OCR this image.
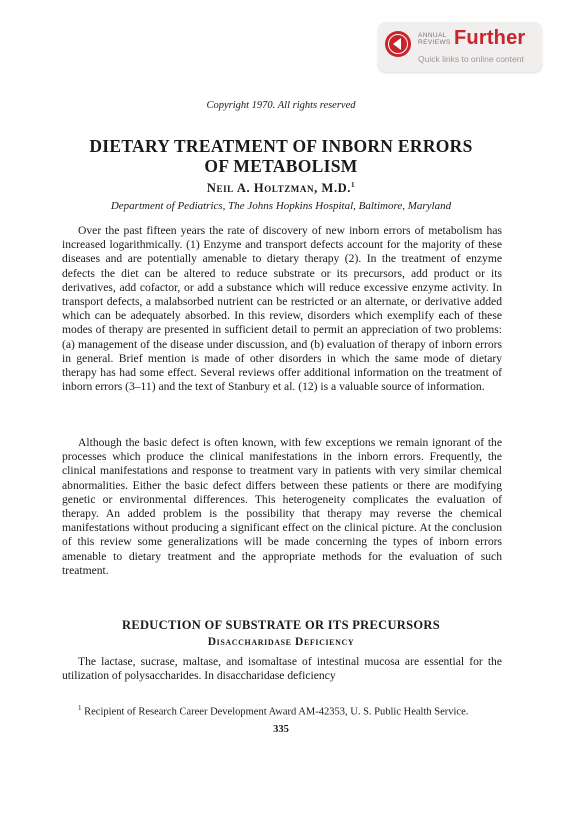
ANNUAL
REVIEWS Further
Quick links to online content
Copyright 1970. All rights reserved
DIETARY TREATMENT OF INBORN ERRORS
OF METABOLISM
Neil A. Holtzman, M.D.$^1$
Department of Pediatrics, The Johns Hopkins Hospital, Baltimore, Maryland

Over the past fifteen years the rate of discovery of new inborn errors of metabolism has increased logarithmically. (1) Enzyme and transport defects account for the majority of these diseases and are potentially amenable to dietary therapy (2). In the treatment of enzyme defects the diet can be altered to reduce substrate or its precursors, add product or its derivatives, add cofactor, or add a substance which will reduce excessive enzyme activity. In transport defects, a malabsorbed nutrient can be restricted or an alternate, or derivative added which can be adequately absorbed. In this review, disorders which exemplify each of these modes of therapy are presented in sufficient detail to permit an appreciation of two problems: (a) management of the disease under discussion, and (b) evaluation of therapy of inborn errors in general. Brief mention is made of other disorders in which the same mode of dietary therapy has had some effect. Several reviews offer additional information on the treatment of inborn errors (3–11) and the text of Stanbury et al. (12) is a valuable source of information.

Although the basic defect is often known, with few exceptions we remain ignorant of the processes which produce the clinical manifestations in the inborn errors. Frequently, the clinical manifestations and response to treatment vary in patients with very similar chemical abnormalities. Either the basic defect differs between these patients or there are modifying genetic or environmental differences. This heterogeneity complicates the evaluation of therapy. An added problem is the possibility that therapy may reverse the chemical manifestations without producing a significant effect on the clinical picture. At the conclusion of this review some generalizations will be made concerning the types of inborn errors amenable to dietary treatment and the appropriate methods for the evaluation of such treatment.

REDUCTION OF SUBSTRATE OR ITS PRECURSORS
Disaccharidase Deficiency

The lactase, sucrase, maltase, and isomaltase of intestinal mucosa are essential for the utilization of polysaccharides. In disaccharidase deficiency

$^1$ Recipient of Research Career Development Award AM-42353, U. S. Public Health Service.

335
